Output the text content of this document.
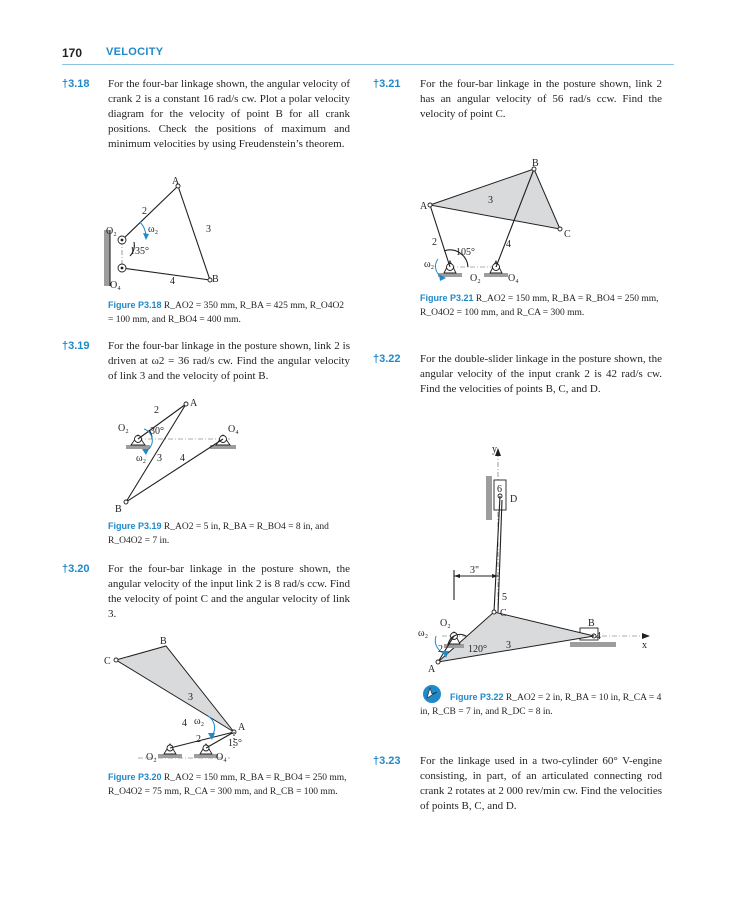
170 VELOCITY
†3.18 For the four-bar linkage shown, the angular velocity of crank 2 is a constant 16 rad/s cw. Plot a polar velocity diagram for the velocity of point B for all crank positions. Check the positions of maximum and minimum velocities by using Freudenstein’s theorem.
A
B
O₂
O₄
ω₂
2
3
4
135°
Figure P3.18 R_AO2 = 350 mm, R_BA = 425 mm, R_O4O2 = 100 mm, and R_BO4 = 400 mm.
†3.19 For the four-bar linkage in the posture shown, link 2 is driven at ω2 = 36 rad/s cw. Find the angular velocity of link 3 and the velocity of point B.
A
B
O₂	O₄
ω₂
2
3 4
30°
Figure P3.19 R_AO2 = 5 in, R_BA = R_BO4 = 8 in, and R_O4O2 = 7 in.
†3.20 For the four-bar linkage in the posture shown, the angular velocity of the input link 2 is 8 rad/s ccw. Find the velocity of point C and the angular velocity of link 3.
B
C
A
O₂	O₄
ω₂
2
3
4
15°
Figure P3.20 R_AO2 = 150 mm, R_BA = R_BO4 = 250 mm, R_O4O2 = 75 mm, R_CA = 300 mm, and R_CB = 100 mm.
†3.21 For the four-bar linkage in the posture shown, link 2 has an angular velocity of 56 rad/s ccw. Find the velocity of point C.
B
C
A
O₂	O₄
ω₂
2
3
4
105°
Figure P3.21 R_AO2 = 150 mm, R_BA = R_BO4 = 250 mm, R_O4O2 = 100 mm, and R_CA = 300 mm.
†3.22 For the double-slider linkage in the posture shown, the angular velocity of the input crank 2 is 42 rad/s cw. Find the velocities of points B, C, and D.
3"
y
x
D
6
5
C
B
4
3
O₂
ω₂
2
A
120°
Figure P3.22 R_AO2 = 2 in, R_BA = 10 in, R_CA = 4 in, R_CB = 7 in, and R_DC = 8 in.
†3.23 For the linkage used in a two-cylinder 60° V-engine consisting, in part, of an articulated connecting rod crank 2 rotates at 2 000 rev/min cw. Find the velocities of points B, C, and D.
